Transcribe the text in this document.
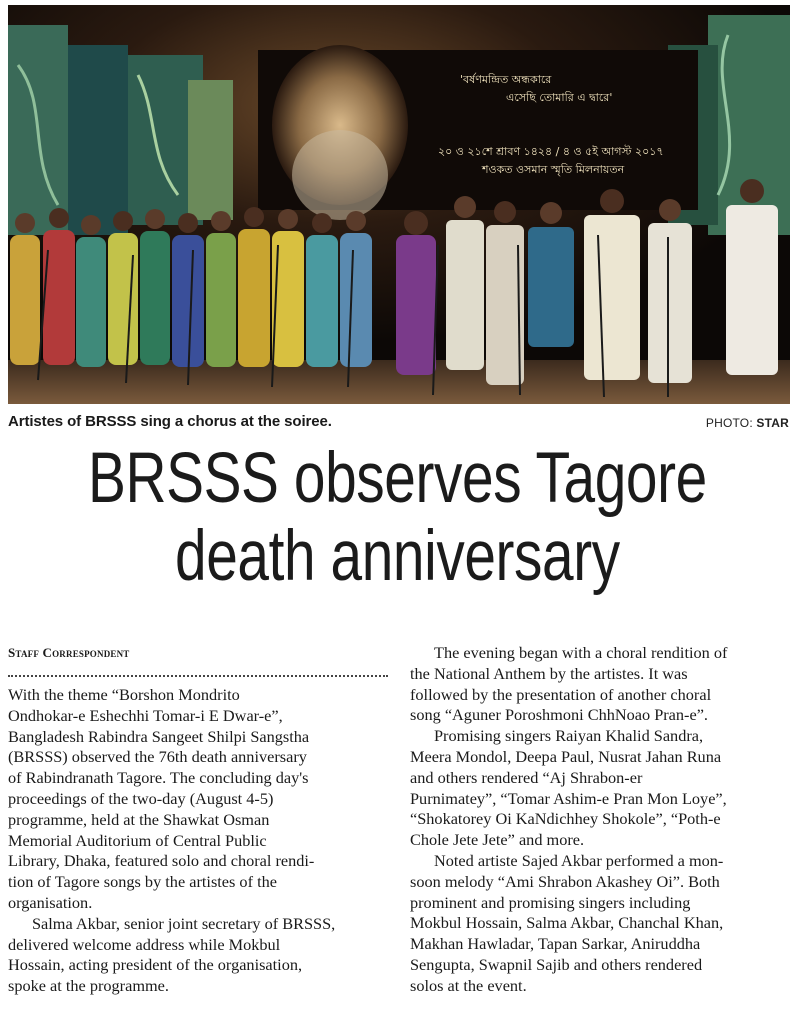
'বর্ষণমন্দ্রিত অন্ধকারে
এসেছি তোমারি এ দ্বারে'
২০ ও ২১শে শ্রাবণ ১৪২৪ / ৪ ও ৫ই আগস্ট ২০১৭
শওকত ওসমান স্মৃতি মিলনায়তন
Artistes of BRSSS sing a chorus at the soiree.	PHOTO: STAR
BRSSS observes Tagore
death anniversary
Staff Correspondent
With the theme “Borshon Mondrito
Ondhokar-e Eshechhi Tomar-i E Dwar-e”,
Bangladesh Rabindra Sangeet Shilpi Sangstha
(BRSSS) observed the 76th death anniversary
of Rabindranath Tagore. The concluding day's
proceedings of the two-day (August 4-5)
programme, held at the Shawkat Osman
Memorial Auditorium of Central Public
Library, Dhaka, featured solo and choral rendi-
tion of Tagore songs by the artistes of the
organisation.
Salma Akbar, senior joint secretary of BRSSS,
delivered welcome address while Mokbul
Hossain, acting president of the organisation,
spoke at the programme.
The evening began with a choral rendition of
the National Anthem by the artistes. It was
followed by the presentation of another choral
song “Aguner Poroshmoni ChhNoao Pran-e”.
Promising singers Raiyan Khalid Sandra,
Meera Mondol, Deepa Paul, Nusrat Jahan Runa
and others rendered “Aj Shrabon-er
Purnimatey”, “Tomar Ashim-e Pran Mon Loye”,
“Shokatorey Oi KaNdichhey Shokole”, “Poth-e
Chole Jete Jete” and more.
Noted artiste Sajed Akbar performed a mon-
soon melody “Ami Shrabon Akashey Oi”. Both
prominent and promising singers including
Mokbul Hossain, Salma Akbar, Chanchal Khan,
Makhan Hawladar, Tapan Sarkar, Aniruddha
Sengupta, Swapnil Sajib and others rendered
solos at the event.
